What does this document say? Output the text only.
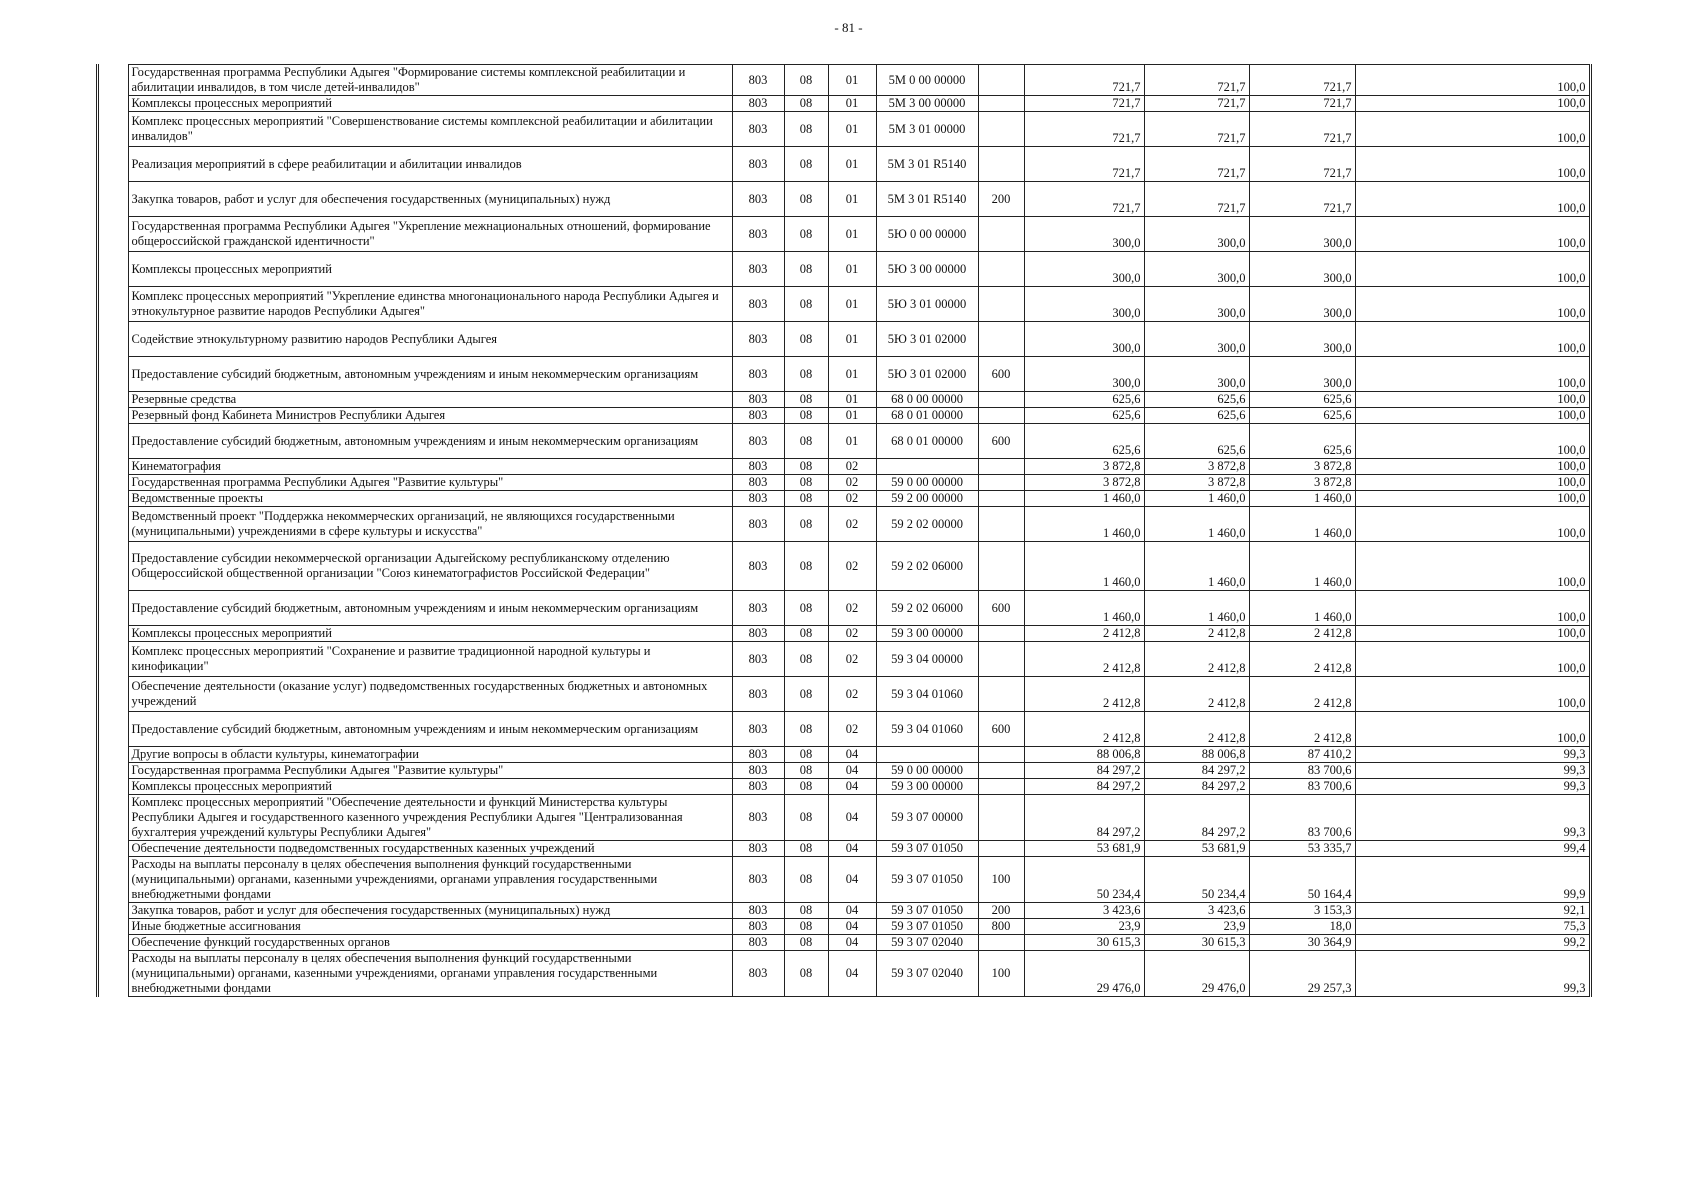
- 81 -
	Государственная программа Республики Адыгея "Формирование системы комплексной реабилитации и абилитации инвалидов, в том числе детей-инвалидов"	803	08	01	5М 0 00 00000		721,7	721,7	721,7	100,0
	Комплексы процессных мероприятий	803	08	01	5М 3 00 00000		721,7	721,7	721,7	100,0
	Комплекс процессных мероприятий "Совершенствование системы комплексной реабилитации и абилитации инвалидов"	803	08	01	5М 3 01 00000		721,7	721,7	721,7	100,0
	Реализация мероприятий в сфере реабилитации и абилитации инвалидов	803	08	01	5М 3 01 R5140		721,7	721,7	721,7	100,0
	Закупка товаров, работ и услуг для обеспечения государственных (муниципальных) нужд	803	08	01	5М 3 01 R5140	200	721,7	721,7	721,7	100,0
	Государственная программа Республики Адыгея "Укрепление межнациональных отношений, формирование общероссийской гражданской идентичности"	803	08	01	5Ю 0 00 00000		300,0	300,0	300,0	100,0
	Комплексы процессных мероприятий	803	08	01	5Ю 3 00 00000		300,0	300,0	300,0	100,0
	Комплекс процессных мероприятий "Укрепление единства многонационального народа Республики Адыгея и этнокультурное развитие народов Республики Адыгея"	803	08	01	5Ю 3 01 00000		300,0	300,0	300,0	100,0
	Содействие этнокультурному развитию народов Республики Адыгея	803	08	01	5Ю 3 01 02000		300,0	300,0	300,0	100,0
	Предоставление субсидий бюджетным, автономным учреждениям и иным некоммерческим организациям	803	08	01	5Ю 3 01 02000	600	300,0	300,0	300,0	100,0
	Резервные средства	803	08	01	68 0 00 00000		625,6	625,6	625,6	100,0
	Резервный фонд Кабинета Министров Республики Адыгея	803	08	01	68 0 01 00000		625,6	625,6	625,6	100,0
	Предоставление субсидий бюджетным, автономным учреждениям и иным некоммерческим организациям	803	08	01	68 0 01 00000	600	625,6	625,6	625,6	100,0
	Кинематография	803	08	02			3 872,8	3 872,8	3 872,8	100,0
	Государственная программа Республики Адыгея "Развитие культуры"	803	08	02	59 0 00 00000		3 872,8	3 872,8	3 872,8	100,0
	Ведомственные проекты	803	08	02	59 2 00 00000		1 460,0	1 460,0	1 460,0	100,0
	Ведомственный проект "Поддержка некоммерческих организаций, не являющихся государственными (муниципальными) учреждениями в сфере культуры и искусства"	803	08	02	59 2 02 00000		1 460,0	1 460,0	1 460,0	100,0
	Предоставление субсидии некоммерческой организации Адыгейскому республиканскому отделению Общероссийской общественной организации "Союз кинематографистов Российской Федерации"	803	08	02	59 2 02 06000		1 460,0	1 460,0	1 460,0	100,0
	Предоставление субсидий бюджетным, автономным учреждениям и иным некоммерческим организациям	803	08	02	59 2 02 06000	600	1 460,0	1 460,0	1 460,0	100,0
	Комплексы процессных мероприятий	803	08	02	59 3 00 00000		2 412,8	2 412,8	2 412,8	100,0
	Комплекс процессных мероприятий "Сохранение и развитие традиционной народной культуры и кинофикации"	803	08	02	59 3 04 00000		2 412,8	2 412,8	2 412,8	100,0
	Обеспечение деятельности (оказание услуг) подведомственных государственных бюджетных и автономных учреждений	803	08	02	59 3 04 01060		2 412,8	2 412,8	2 412,8	100,0
	Предоставление субсидий бюджетным, автономным учреждениям и иным некоммерческим организациям	803	08	02	59 3 04 01060	600	2 412,8	2 412,8	2 412,8	100,0
	Другие вопросы в области культуры, кинематографии	803	08	04			88 006,8	88 006,8	87 410,2	99,3
	Государственная программа Республики Адыгея "Развитие культуры"	803	08	04	59 0 00 00000		84 297,2	84 297,2	83 700,6	99,3
	Комплексы процессных мероприятий	803	08	04	59 3 00 00000		84 297,2	84 297,2	83 700,6	99,3
	Комплекс процессных мероприятий "Обеспечение деятельности и функций Министерства культуры Республики Адыгея и государственного казенного учреждения Республики Адыгея "Централизованная бухгалтерия учреждений культуры Республики Адыгея"	803	08	04	59 3 07 00000		84 297,2	84 297,2	83 700,6	99,3
	Обеспечение деятельности подведомственных государственных казенных учреждений	803	08	04	59 3 07 01050		53 681,9	53 681,9	53 335,7	99,4
	Расходы на выплаты персоналу в целях обеспечения выполнения функций государственными (муниципальными) органами, казенными учреждениями, органами управления государственными внебюджетными фондами	803	08	04	59 3 07 01050	100	50 234,4	50 234,4	50 164,4	99,9
	Закупка товаров, работ и услуг для обеспечения государственных (муниципальных) нужд	803	08	04	59 3 07 01050	200	3 423,6	3 423,6	3 153,3	92,1
	Иные бюджетные ассигнования	803	08	04	59 3 07 01050	800	23,9	23,9	18,0	75,3
	Обеспечение функций государственных органов	803	08	04	59 3 07 02040		30 615,3	30 615,3	30 364,9	99,2
	Расходы на выплаты персоналу в целях обеспечения выполнения функций государственными (муниципальными) органами, казенными учреждениями, органами управления государственными внебюджетными фондами	803	08	04	59 3 07 02040	100	29 476,0	29 476,0	29 257,3	99,3
